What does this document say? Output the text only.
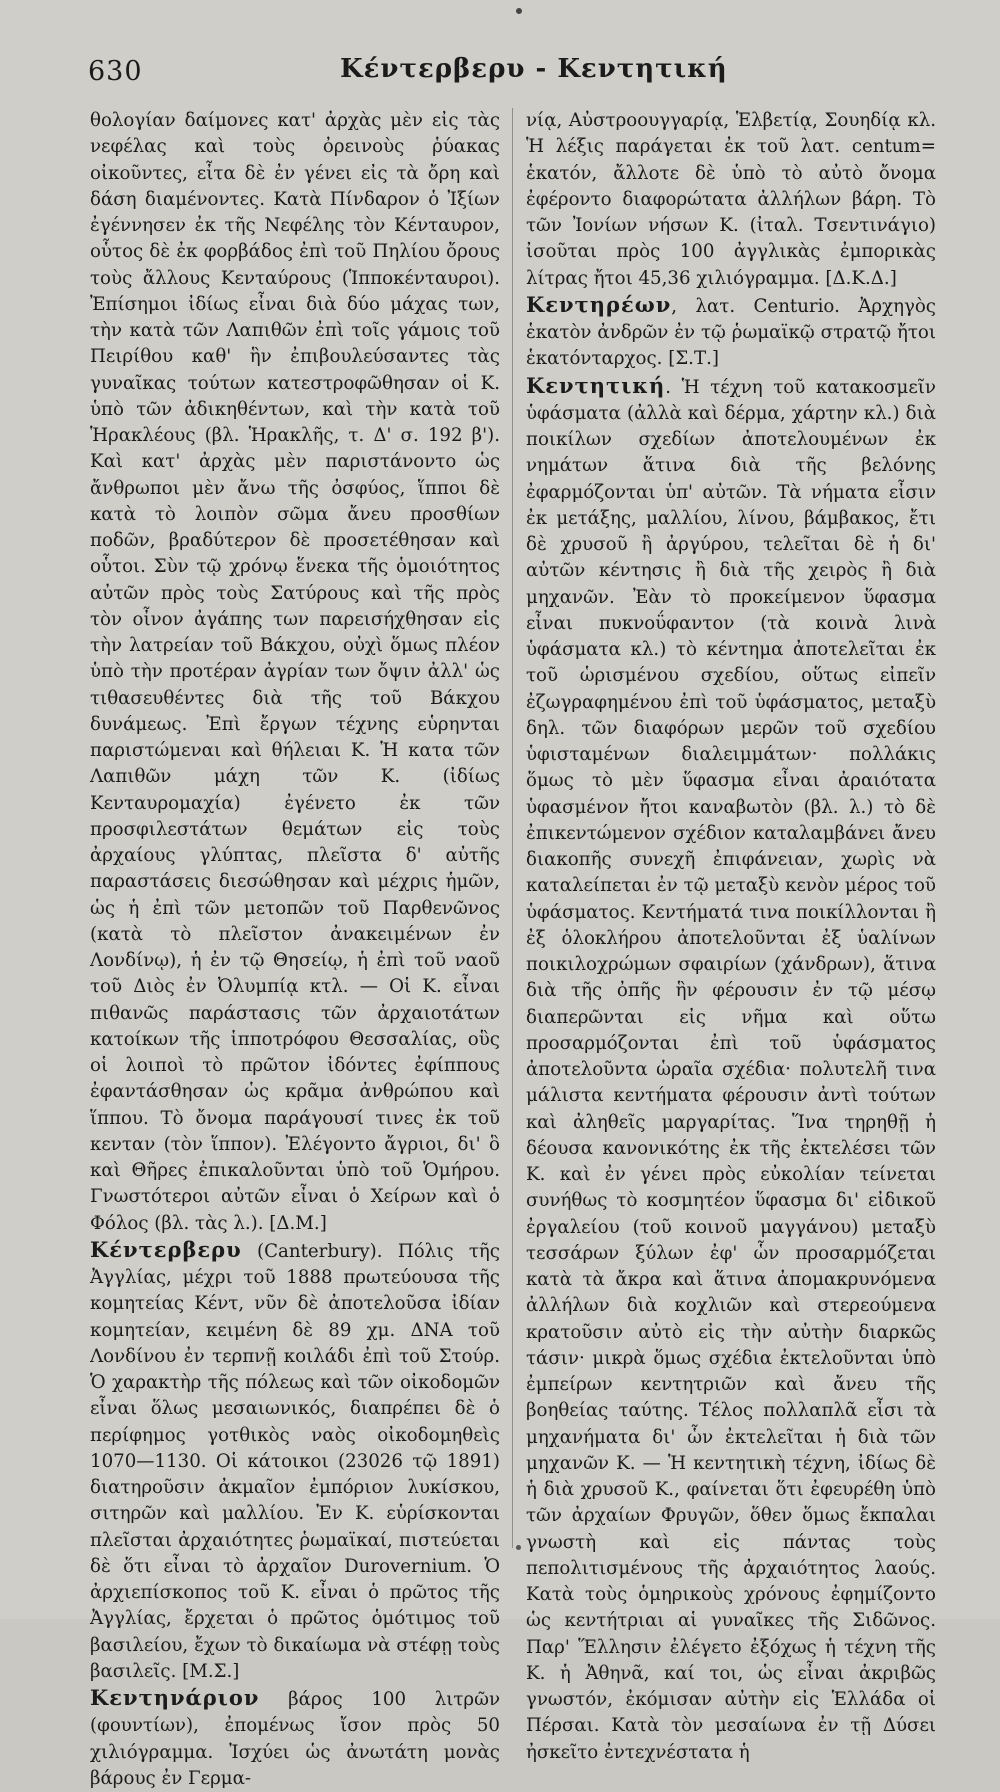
630	Κέντερβερυ - Κεντητική

θολογίαν δαίμονες κατ' ἀρχὰς μὲν εἰς τὰς νεφέλας καὶ τοὺς ὀρεινοὺς ῥύακας οἰκοῦντες, εἶτα δὲ ἐν γένει εἰς τὰ ὄρη καὶ δάση διαμένοντες. Κατὰ Πίνδαρον ὁ Ἰξίων ἐγέννησεν ἐκ τῆς Νεφέλης τὸν Κένταυρον, οὗτος δὲ ἐκ φορβάδος ἐπὶ τοῦ Πηλίου ὄρους τοὺς ἄλλους Κενταύρους (Ἱπποκένταυροι). Ἐπίσημοι ἰδίως εἶναι διὰ δύο μάχας των, τὴν κατὰ τῶν Λαπιθῶν ἐπὶ τοῖς γάμοις τοῦ Πειρίθου καθ' ἣν ἐπιβουλεύσαντες τὰς γυναῖκας τούτων κατεστροφῶθησαν οἱ Κ. ὑπὸ τῶν ἀδικηθέντων, καὶ τὴν κατὰ τοῦ Ἡρακλέους (βλ. Ἡρακλῆς, τ. Δ' σ. 192 β'). Καὶ κατ' ἀρχὰς μὲν παριστάνοντο ὡς ἄνθρωποι μὲν ἄνω τῆς ὀσφύος, ἵπποι δὲ κατὰ τὸ λοιπὸν σῶμα ἄνευ προσθίων ποδῶν, βραδύτερον δὲ προσετέθησαν καὶ οὗτοι. Σὺν τῷ χρόνῳ ἕνεκα τῆς ὁμοιότητος αὐτῶν πρὸς τοὺς Σατύρους καὶ τῆς πρὸς τὸν οἶνον ἀγάπης των παρεισήχθησαν εἰς τὴν λατρείαν τοῦ Βάκχου, οὐχὶ ὅμως πλέον ὑπὸ τὴν προτέραν ἀγρίαν των ὄψιν ἀλλ' ὡς τιθασευθέντες διὰ τῆς τοῦ Βάκχου δυνάμεως. Ἐπὶ ἔργων τέχνης εὑρηνται παριστώμεναι καὶ θήλειαι Κ. Ἡ κατα τῶν Λαπιθῶν μάχη τῶν Κ. (ἰδίως Κενταυρομαχία) ἐγένετο ἐκ τῶν προσφιλεστάτων θεμάτων εἰς τοὺς ἀρχαίους γλύπτας, πλεῖστα δ' αὐτῆς παραστάσεις διεσώθησαν καὶ μέχρις ἡμῶν, ὡς ἡ ἐπὶ τῶν μετοπῶν τοῦ Παρθενῶνος (κατὰ τὸ πλεῖστον ἀνακειμένων ἐν Λονδίνῳ), ἡ ἐν τῷ Θησείῳ, ἡ ἐπὶ τοῦ ναοῦ τοῦ Διὸς ἐν Ὀλυμπίᾳ κτλ. — Οἱ Κ. εἶναι πιθανῶς παράστασις τῶν ἀρχαιοτάτων κατοίκων τῆς ἱπποτρόφου Θεσσαλίας, οὓς οἱ λοιποὶ τὸ πρῶτον ἰδόντες ἐφίππους ἐφαντάσθησαν ὡς κρᾶμα ἀνθρώπου καὶ ἵππου. Τὸ ὄνομα παράγουσί τινες ἐκ τοῦ κενταν (τὸν ἵππον). Ἐλέγοντο ἄγριοι, δι' ὃ καὶ Θῆρες ἐπικαλοῦνται ὑπὸ τοῦ Ὁμήρου. Γνωστότεροι αὐτῶν εἶναι ὁ Χείρων καὶ ὁ Φόλος (βλ. τὰς λ.). [Δ.Μ.]

Κέντερβερυ (Canterbury). Πόλις τῆς Ἀγγλίας, μέχρι τοῦ 1888 πρωτεύουσα τῆς κομητείας Κέντ, νῦν δὲ ἀποτελοῦσα ἰδίαν κομητείαν, κειμένη δὲ 89 χμ. ΔΝΑ τοῦ Λονδίνου ἐν τερπνῇ κοιλάδι ἐπὶ τοῦ Στούρ. Ὁ χαρακτὴρ τῆς πόλεως καὶ τῶν οἰκοδομῶν εἶναι ὅλως μεσαιωνικός, διαπρέπει δὲ ὁ περίφημος γοτθικὸς ναὸς οἰκοδομηθεὶς 1070—1130. Οἱ κάτοικοι (23026 τῷ 1891) διατηροῦσιν ἀκμαῖον ἐμπόριον λυκίσκου, σιτηρῶν καὶ μαλλίου. Ἐν Κ. εὑρίσκονται πλεῖσται ἀρχαιότητες ῥωμαϊκαί, πιστεύεται δὲ ὅτι εἶναι τὸ ἀρχαῖον Durovernium. Ὁ ἀρχιεπίσκοπος τοῦ Κ. εἶναι ὁ πρῶτος τῆς Ἀγγλίας, ἔρχεται ὁ πρῶτος ὁμότιμος τοῦ βασιλείου, ἔχων τὸ δικαίωμα νὰ στέφῃ τοὺς βασιλεῖς. [Μ.Σ.]

Κεντηνάριον βάρος 100 λιτρῶν (φουντίων), ἐπομένως ἴσον πρὸς 50 χιλιόγραμμα. Ἰσχύει ὡς ἀνωτάτη μονὰς βάρους ἐν Γερμα-

νίᾳ, Αὐστροουγγαρίᾳ, Ἑλβετίᾳ, Σουηδίᾳ κλ. Ἡ λέξις παράγεται ἐκ τοῦ λατ. centum= ἑκατόν, ἄλλοτε δὲ ὑπὸ τὸ αὐτὸ ὄνομα ἐφέροντο διαφορώτατα ἀλλήλων βάρη. Τὸ τῶν Ἰονίων νήσων Κ. (ἰταλ. Τσεντινάγιο) ἰσοῦται πρὸς 100 ἀγγλικὰς ἐμπορικὰς λίτρας ἤτοι 45,36 χιλιόγραμμα. [Δ.Κ.Δ.]

Κεντηρέων, λατ. Centurio. Ἀρχηγὸς ἑκατὸν ἀνδρῶν ἐν τῷ ῥωμαϊκῷ στρατῷ ἤτοι ἑκατόνταρχος. [Σ.Τ.]

Κεντητική. Ἡ τέχνη τοῦ κατακοσμεῖν ὑφάσματα (ἀλλὰ καὶ δέρμα, χάρτην κλ.) διὰ ποικίλων σχεδίων ἀποτελουμένων ἐκ νημάτων ἅτινα διὰ τῆς βελόνης ἐφαρμόζονται ὑπ' αὐτῶν. Τὰ νήματα εἶσιν ἐκ μετάξης, μαλλίου, λίνου, βάμβακος, ἔτι δὲ χρυσοῦ ἢ ἀργύρου, τελεῖται δὲ ἡ δι' αὐτῶν κέντησις ἢ διὰ τῆς χειρὸς ἢ διὰ μηχανῶν. Ἐὰν τὸ προκείμενον ὕφασμα εἶναι πυκνοΰφαντον (τὰ κοινὰ λινὰ ὑφάσματα κλ.) τὸ κέντημα ἀποτελεῖται ἐκ τοῦ ὡρισμένου σχεδίου, οὕτως εἰπεῖν ἐζωγραφημένου ἐπὶ τοῦ ὑφάσματος, μεταξὺ δηλ. τῶν διαφόρων μερῶν τοῦ σχεδίου ὑφισταμένων διαλειμμάτων· πολλάκις ὅμως τὸ μὲν ὕφασμα εἶναι ἀραιότατα ὑφασμένον ἤτοι καναβωτὸν (βλ. λ.) τὸ δὲ ἐπικεντώμενον σχέδιον καταλαμβάνει ἄνευ διακοπῆς συνεχῆ ἐπιφάνειαν, χωρὶς νὰ καταλείπεται ἐν τῷ μεταξὺ κενὸν μέρος τοῦ ὑφάσματος. Κεντήματά τινα ποικίλλονται ἢ ἐξ ὁλοκλήρου ἀποτελοῦνται ἐξ ὑαλίνων ποικιλοχρώμων σφαιρίων (χάνδρων), ἅτινα διὰ τῆς ὀπῆς ἣν φέρουσιν ἐν τῷ μέσῳ διαπερῶνται εἰς νῆμα καὶ οὕτω προσαρμόζονται ἐπὶ τοῦ ὑφάσματος ἀποτελοῦντα ὡραῖα σχέδια· πολυτελῆ τινα μάλιστα κεντήματα φέρουσιν ἀντὶ τούτων καὶ ἀληθεῖς μαργαρίτας. Ἵνα τηρηθῇ ἡ δέουσα κανονικότης ἐκ τῆς ἐκτελέσει τῶν Κ. καὶ ἐν γένει πρὸς εὐκολίαν τείνεται συνήθως τὸ κοσμητέον ὕφασμα δι' εἰδικοῦ ἐργαλείου (τοῦ κοινοῦ μαγγάνου) μεταξὺ τεσσάρων ξύλων ἐφ' ὧν προσαρμόζεται κατὰ τὰ ἄκρα καὶ ἅτινα ἀπομακρυνόμενα ἀλλήλων διὰ κοχλιῶν καὶ στερεούμενα κρατοῦσιν αὐτὸ εἰς τὴν αὐτὴν διαρκῶς τάσιν· μικρὰ ὅμως σχέδια ἐκτελοῦνται ὑπὸ ἐμπείρων κεντητριῶν καὶ ἄνευ τῆς βοηθείας ταύτης. Τέλος πολλαπλᾶ εἶσι τὰ μηχανήματα δι' ὧν ἐκτελεῖται ἡ διὰ τῶν μηχανῶν Κ. — Ἡ κεντητικὴ τέχνη, ἰδίως δὲ ἡ διὰ χρυσοῦ Κ., φαίνεται ὅτι ἐφευρέθη ὑπὸ τῶν ἀρχαίων Φρυγῶν, ὅθεν ὅμως ἔκπαλαι γνωστὴ καὶ εἰς πάντας τοὺς πεπολιτισμένους τῆς ἀρχαιότητος λαούς. Κατὰ τοὺς ὁμηρικοὺς χρόνους ἐφημίζοντο ὡς κεντήτριαι αἱ γυναῖκες τῆς Σιδῶνος. Παρ' Ἕλλησιν ἐλέγετο ἐξόχως ἡ τέχνη τῆς Κ. ἡ Ἀθηνᾶ, καί τοι, ὡς εἶναι ἀκριβῶς γνωστόν, ἐκόμισαν αὐτὴν εἰς Ἑλλάδα οἱ Πέρσαι. Κατὰ τὸν μεσαίωνα ἐν τῇ Δύσει ἠσκεῖτο ἐντεχνέστατα ἡ
